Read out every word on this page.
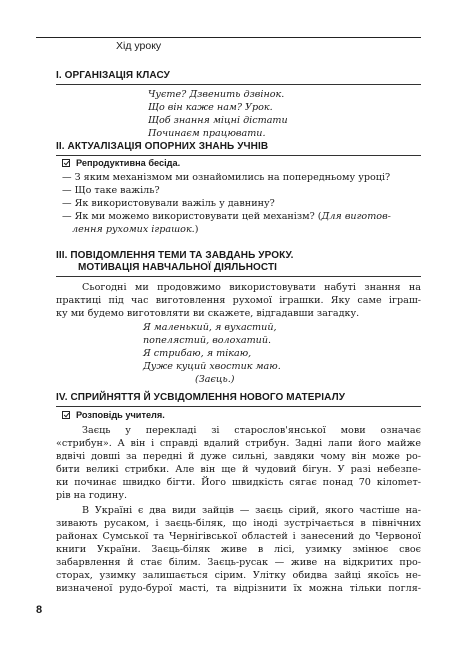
Хід уроку
І. ОРГАНІЗАЦІЯ КЛАСУ
Чуєте? Дзвенить дзвінок.
Що він каже нам? Урок.
Щоб знання міцні дістати
Починаєм працювати.
ІІ. АКТУАЛІЗАЦІЯ ОПОРНИХ ЗНАНЬ УЧНІВ
Репродуктивна бесіда.
— З яким механізмом ми ознайомились на попередньому уроці?
— Що таке важіль?
— Як використовували важіль у давнину?
— Як ми можемо використовувати цей механізм? (Для виготов-
лення рухомих іграшок.)
ІІІ. ПОВІДОМЛЕННЯ ТЕМИ ТА ЗАВДАНЬ УРОКУ.
МОТИВАЦІЯ НАВЧАЛЬНОЇ ДІЯЛЬНОСТІ
Сьогодні ми продовжимо використовувати набуті знання на
практиці під час виготовлення рухомої іграшки. Яку саме іграш-
ку ми будемо виготовляти ви скажете, відгадавши загадку.
Я маленький, я вухастий,
попелястий, волохатий.
Я стрибаю, я тікаю,
Дуже куций хвостик маю.
(Заєць.)
IV. СПРИЙНЯТТЯ Й УСВІДОМЛЕННЯ НОВОГО МАТЕРІАЛУ
Розповідь учителя.
Заєць у перекладі зі старослов'янської мови означає
«стрибун». А він і справді вдалий стрибун. Задні лапи його майже
вдвічі довші за передні й дуже сильні, завдяки чому він може ро-
бити великі стрибки. Але він ще й чудовий бігун. У разі небезпе-
ки починає швидко бігти. Його швидкість сягає понад 70 кілomет-
рів на годину.
В Україні є два види зайців — заєць сірий, якого частіше на-
зивають русаком, і заєць-біляк, що іноді зустрічається в північних
районах Сумської та Чернігівської областей і занесений до Червоної
книги України. Заєць-біляк живе в лісі, узимку змінює своє
забарвлення й стає білим. Заєць-русак — живе на відкритих про-
сторах, узимку залишається сірим. Улітку обидва зайці якоїсь не-
визначеної рудо-бурої масті, та відрізнити їх можна тільки погля-
8
